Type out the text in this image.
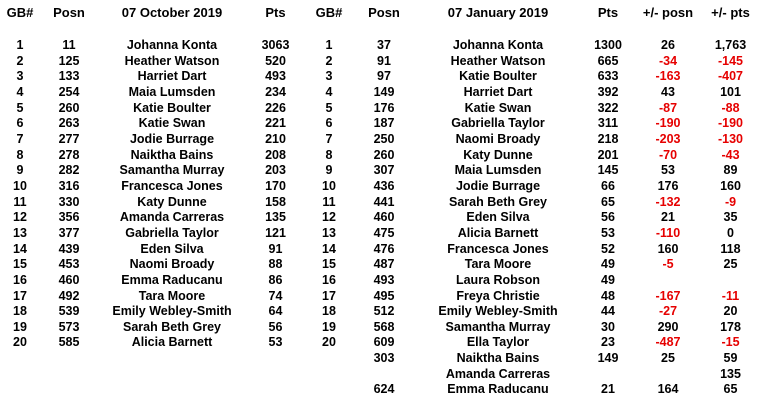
GB#	Posn	07 October 2019	Pts	GB#	Posn	07 January 2019	Pts	+/- posn	+/- pts

1	11	Johanna Konta	3063	1	37	Johanna Konta	1300	26	1,763
2	125	Heather Watson	520	2	91	Heather Watson	665	-34	-145
3	133	Harriet Dart	493	3	97	Katie Boulter	633	-163	-407
4	254	Maia Lumsden	234	4	149	Harriet Dart	392	43	101
5	260	Katie Boulter	226	5	176	Katie Swan	322	-87	-88
6	263	Katie Swan	221	6	187	Gabriella Taylor	311	-190	-190
7	277	Jodie Burrage	210	7	250	Naomi Broady	218	-203	-130
8	278	Naiktha Bains	208	8	260	Katy Dunne	201	-70	-43
9	282	Samantha Murray	203	9	307	Maia Lumsden	145	53	89
10	316	Francesca Jones	170	10	436	Jodie Burrage	66	176	160
11	330	Katy Dunne	158	11	441	Sarah Beth Grey	65	-132	-9
12	356	Amanda Carreras	135	12	460	Eden Silva	56	21	35
13	377	Gabriella Taylor	121	13	475	Alicia Barnett	53	-110	0
14	439	Eden Silva	91	14	476	Francesca Jones	52	160	118
15	453	Naomi Broady	88	15	487	Tara Moore	49	-5	25
16	460	Emma Raducanu	86	16	493	Laura Robson	49		
17	492	Tara Moore	74	17	495	Freya Christie	48	-167	-11
18	539	Emily Webley-Smith	64	18	512	Emily Webley-Smith	44	-27	20
19	573	Sarah Beth Grey	56	19	568	Samantha Murray	30	290	178
20	585	Alicia Barnett	53	20	609	Ella Taylor	23	-487	-15
					303	Naiktha Bains	149	25	59
						Amanda Carreras			135
					624	Emma Raducanu	21	164	65
